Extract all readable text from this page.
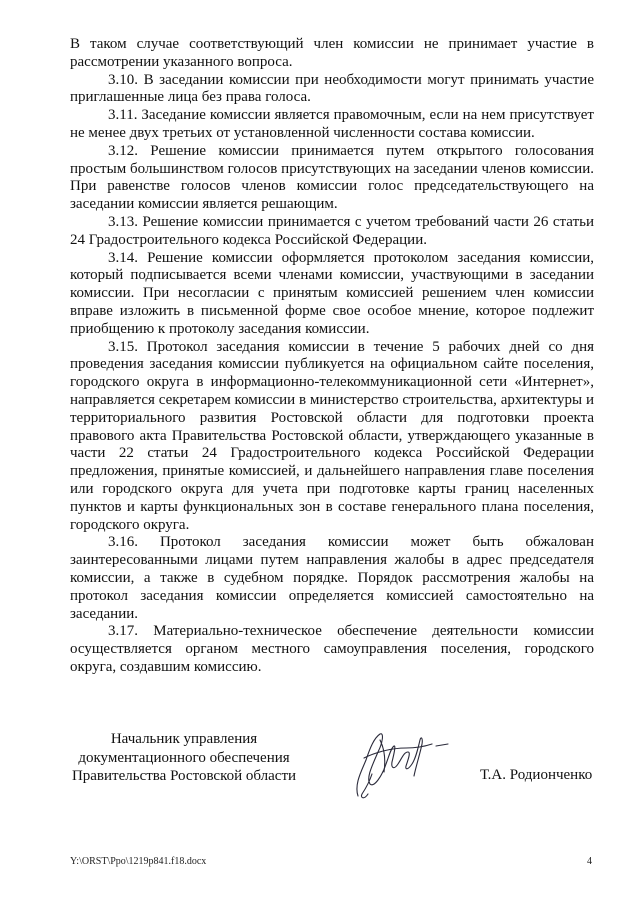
В таком случае соответствующий член комиссии не принимает участие в рассмотрении указанного вопроса.

3.10. В заседании комиссии при необходимости могут принимать участие приглашенные лица без права голоса.

3.11. Заседание комиссии является правомочным, если на нем присутствует не менее двух третьих от установленной численности состава комиссии.

3.12. Решение комиссии принимается путем открытого голосования простым большинством голосов присутствующих на заседании членов комиссии. При равенстве голосов членов комиссии голос председательствующего на заседании комиссии является решающим.

3.13. Решение комиссии принимается с учетом требований части 26 статьи 24 Градостроительного кодекса Российской Федерации.

3.14. Решение комиссии оформляется протоколом заседания комиссии, который подписывается всеми членами комиссии, участвующими в заседании комиссии. При несогласии с принятым комиссией решением член комиссии вправе изложить в письменной форме свое особое мнение, которое подлежит приобщению к протоколу заседания комиссии.

3.15. Протокол заседания комиссии в течение 5 рабочих дней со дня проведения заседания комиссии публикуется на официальном сайте поселения, городского округа в информационно-телекоммуникационной сети «Интернет», направляется секретарем комиссии в министерство строительства, архитектуры и территориального развития Ростовской области для подготовки проекта правового акта Правительства Ростовской области, утверждающего указанные в части 22 статьи 24 Градостроительного кодекса Российской Федерации предложения, принятые комиссией, и дальнейшего направления главе поселения или городского округа для учета при подготовке карты границ населенных пунктов и карты функциональных зон в составе генерального плана поселения, городского округа.

3.16. Протокол заседания комиссии может быть обжалован заинтересованными лицами путем направления жалобы в адрес председателя комиссии, а также в судебном порядке. Порядок рассмотрения жалобы на протокол заседания комиссии определяется комиссией самостоятельно на заседании.

3.17. Материально-техническое обеспечение деятельности комиссии осуществляется органом местного самоуправления поселения, городского округа, создавшим комиссию.

Начальник управления
документационного обеспечения
Правительства Ростовской области	Т.А. Родионченко
Y:\ORST\Ppo\1219p841.f18.docx	4
